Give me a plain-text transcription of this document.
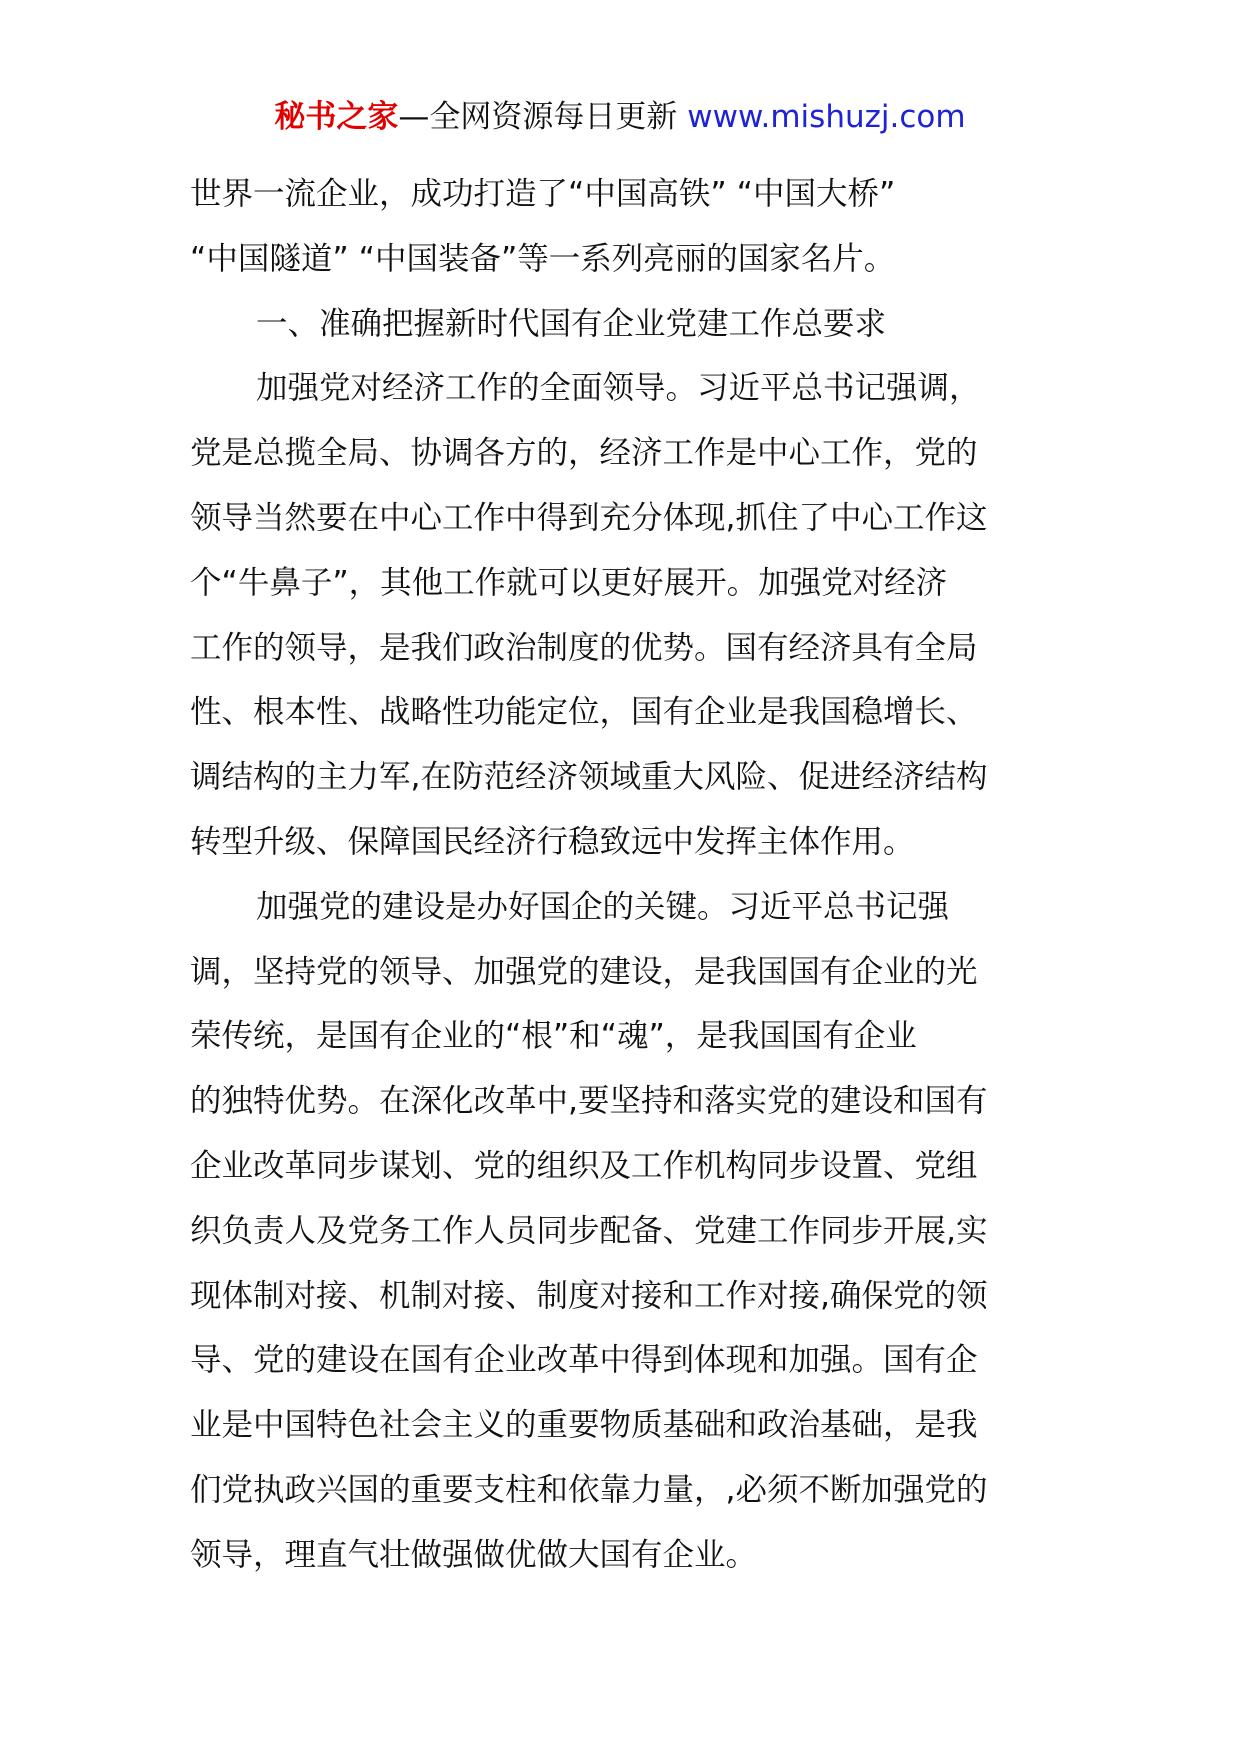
秘书之家—全网资源每日更新 www.mishuzj.com
世界一流企业，成功打造了“中国高铁” “中国大桥”
“中国隧道” “中国装备”等一系列亮丽的国家名片。
一、准确把握新时代国有企业党建工作总要求
加强党对经济工作的全面领导。习近平总书记强调，
党是总揽全局、协调各方的，经济工作是中心工作，党的
领导当然要在中心工作中得到充分体现,抓住了中心工作这
个“牛鼻子”，其他工作就可以更好展开。加强党对经济
工作的领导，是我们政治制度的优势。国有经济具有全局
性、根本性、战略性功能定位，国有企业是我国稳增长、
调结构的主力军,在防范经济领域重大风险、促进经济结构
转型升级、保障国民经济行稳致远中发挥主体作用。
加强党的建设是办好国企的关键。习近平总书记强
调，坚持党的领导、加强党的建设，是我国国有企业的光
荣传统，是国有企业的“根”和“魂”，是我国国有企业
的独特优势。在深化改革中,要坚持和落实党的建设和国有
企业改革同步谋划、党的组织及工作机构同步设置、党组
织负责人及党务工作人员同步配备、党建工作同步开展,实
现体制对接、机制对接、制度对接和工作对接,确保党的领
导、党的建设在国有企业改革中得到体现和加强。国有企
业是中国特色社会主义的重要物质基础和政治基础，是我
们党执政兴国的重要支柱和依靠力量，,必须不断加强党的
领导，理直气壮做强做优做大国有企业。
